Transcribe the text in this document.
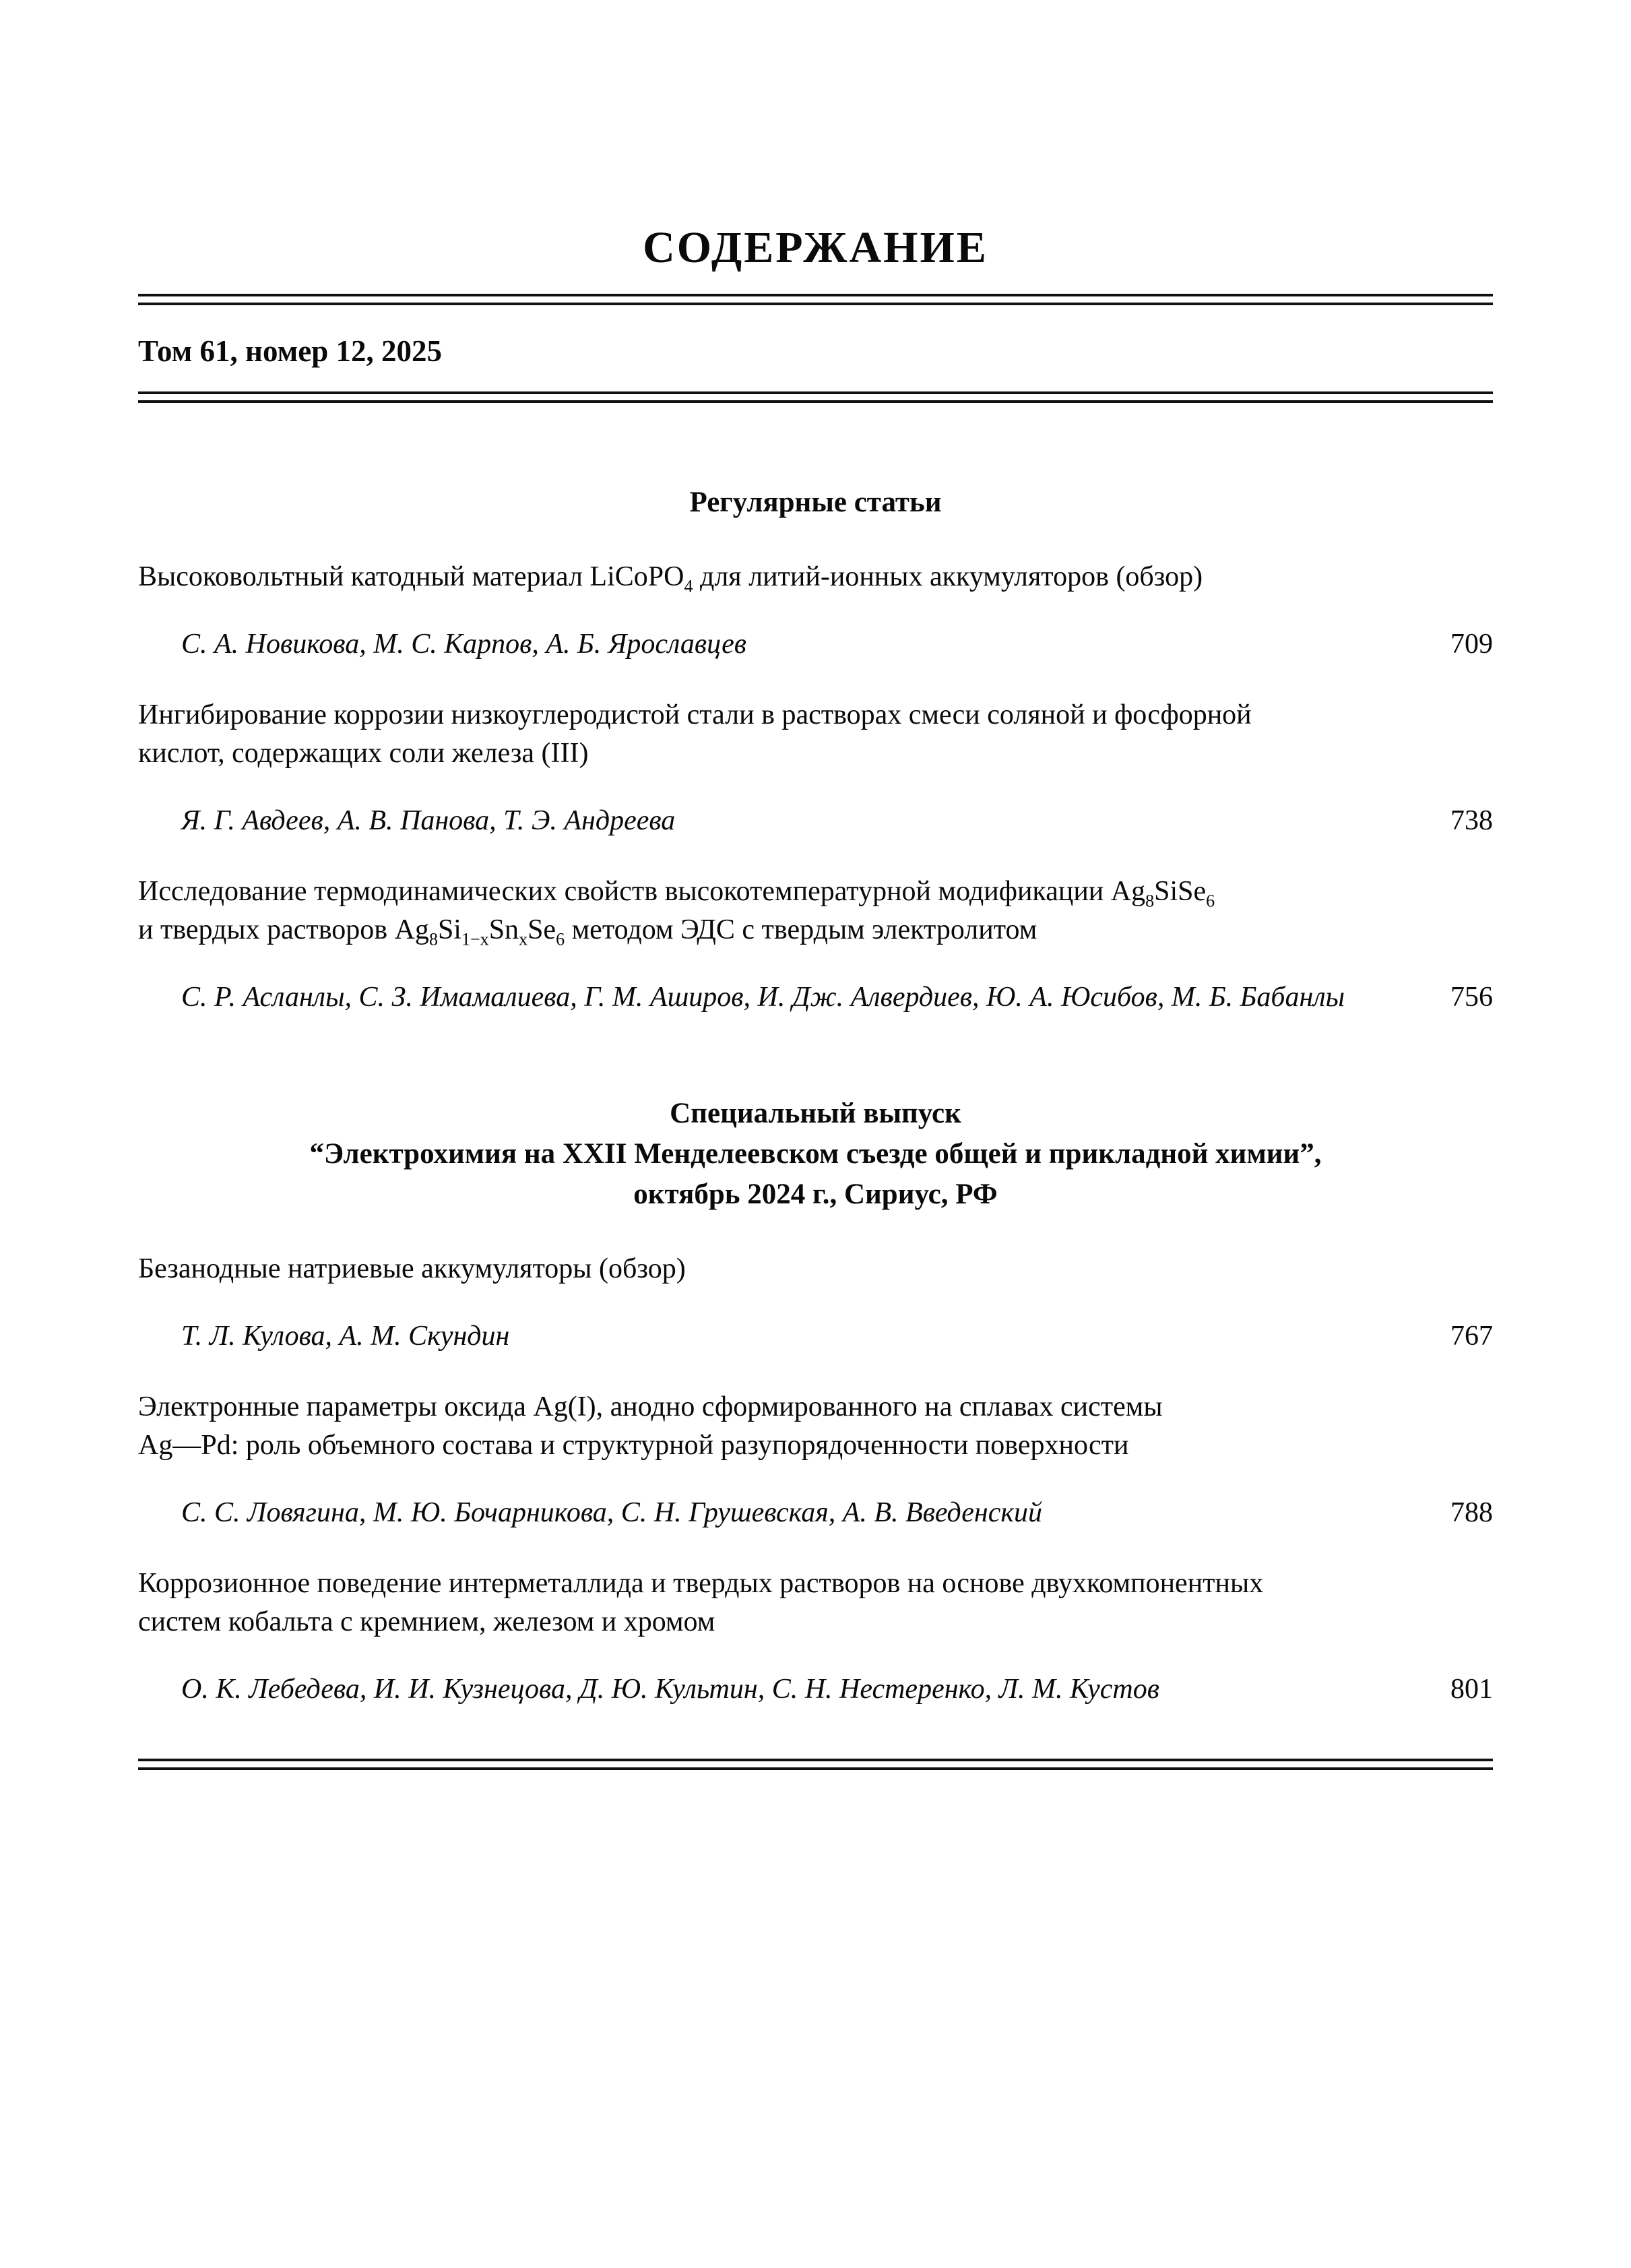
СОДЕРЖАНИЕ
Том 61, номер 12, 2025
Регулярные статьи
Высоковольтный катодный материал LiCoPO$_4$ для литий-ионных аккумуляторов (обзор)
С. А. Новикова, М. С. Карпов, А. Б. Ярославцев	709
Ингибирование коррозии низкоуглеродистой стали в растворах смеси соляной и фосфорной
кислот, содержащих соли железа (III)
Я. Г. Авдеев, А. В. Панова, Т. Э. Андреева	738
Исследование термодинамических свойств высокотемпературной модификации $Ag_8SiSe_6$
и твердых растворов $Ag_8Si_{1-x}Sn_xSe_6$ методом ЭДС с твердым электролитом
С. Р. Асланлы, С. З. Имамалиева, Г. М. Аширов, И. Дж. Алвердиев, Ю. А. Юсибов, М. Б. Бабанлы	756
Специальный выпуск
“Электрохимия на XXII Менделеевском съезде общей и прикладной химии”,
октябрь 2024 г., Сириус, РФ
Безанодные натриевые аккумуляторы (обзор)
Т. Л. Кулова, А. М. Скундин	767
Электронные параметры оксида Ag(I), анодно сформированного на сплавах системы
Ag—Pd: роль объемного состава и структурной разупорядоченности поверхности
С. С. Ловягина, М. Ю. Бочарникова, С. Н. Грушевская, А. В. Введенский	788
Коррозионное поведение интерметаллида и твердых растворов на основе двухкомпонентных
систем кобальта с кремнием, железом и хромом
О. К. Лебедева, И. И. Кузнецова, Д. Ю. Культин, С. Н. Нестеренко, Л. М. Кустов	801
